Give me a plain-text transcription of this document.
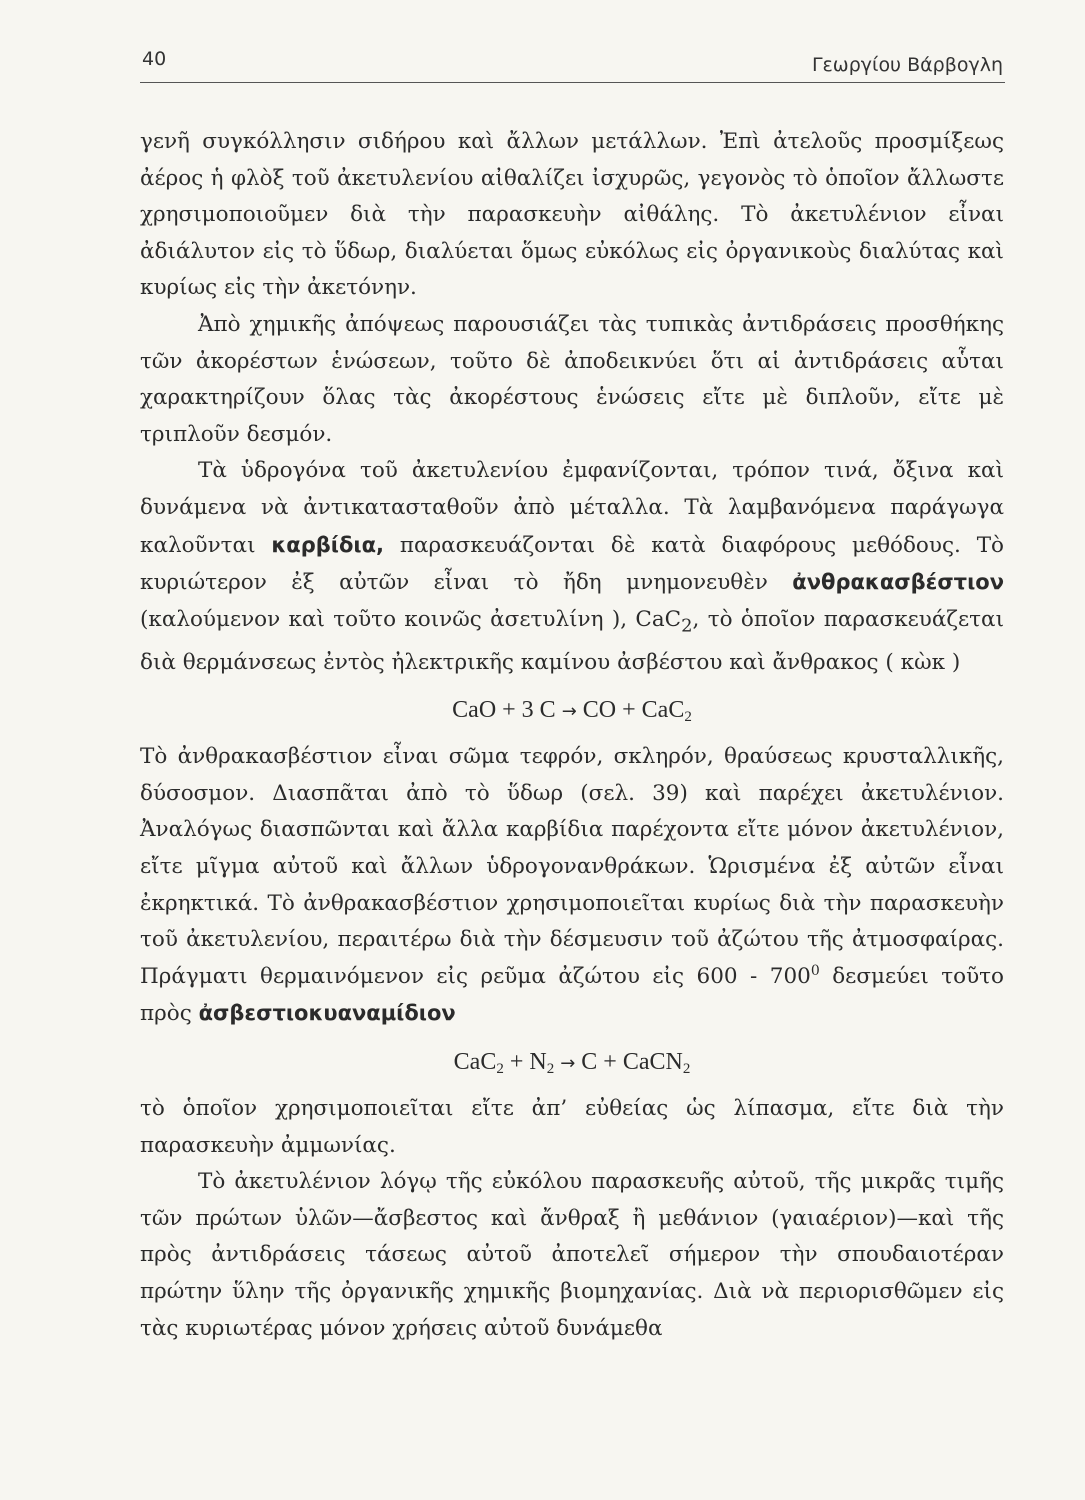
40	Γεωργίου Βάρβογλη

γενῆ συγκόλλησιν σιδήρου καὶ ἄλλων μετάλλων. Ἐπὶ ἀτελοῦς προσμίξεως ἀέρος ἡ φλὸξ τοῦ ἀκετυλενίου αἰθαλίζει ἰσχυρῶς, γεγονὸς τὸ ὁποῖον ἄλλωστε χρησιμοποιοῦμεν διὰ τὴν παρασκευὴν αἰθάλης. Τὸ ἀκετυλένιον εἶναι ἀδιάλυτον εἰς τὸ ὕδωρ, διαλύεται ὅμως εὐκόλως εἰς ὀργανικοὺς διαλύτας καὶ κυρίως εἰς τὴν ἀκετόνην.

Ἀπὸ χημικῆς ἀπόψεως παρουσιάζει τὰς τυπικὰς ἀντιδράσεις προσθήκης τῶν ἀκορέστων ἑνώσεων, τοῦτο δὲ ἀποδεικνύει ὅτι αἱ ἀντιδράσεις αὗται χαρακτηρίζουν ὅλας τὰς ἀκορέστους ἑνώσεις εἴτε μὲ διπλοῦν, εἴτε μὲ τριπλοῦν δεσμόν.

Τὰ ὑδρογόνα τοῦ ἀκετυλενίου ἐμφανίζονται, τρόπον τινά, ὄξινα καὶ δυνάμενα νὰ ἀντικατασταθοῦν ἀπὸ μέταλλα. Τὰ λαμβανόμενα παράγωγα καλοῦνται καρβίδια, παρασκευάζονται δὲ κατὰ διαφόρους μεθόδους. Τὸ κυριώτερον ἐξ αὐτῶν εἶναι τὸ ἤδη μνημονευθὲν ἀνθρακασβέστιον (καλούμενον καὶ τοῦτο κοινῶς ἀσετυλίνη ), CaC$_2$, τὸ ὁποῖον παρασκευάζεται διὰ θερμάνσεως ἐντὸς ἠλεκτρικῆς καμίνου ἀσβέστου καὶ ἄνθρακος ( κὼκ )

CaO + 3 C → CO + CaC$_2$

Τὸ ἀνθρακασβέστιον εἶναι σῶμα τεφρόν, σκληρόν, θραύσεως κρυσταλλικῆς, δύσοσμον. Διασπᾶται ἀπὸ τὸ ὕδωρ (σελ. 39) καὶ παρέχει ἀκετυλένιον. Ἀναλόγως διασπῶνται καὶ ἄλλα καρβίδια παρέχοντα εἴτε μόνον ἀκετυλένιον, εἴτε μῖγμα αὐτοῦ καὶ ἄλλων ὑδρογονανθράκων. Ὡρισμένα ἐξ αὐτῶν εἶναι ἐκρηκτικά. Τὸ ἀνθρακασβέστιον χρησιμοποιεῖται κυρίως διὰ τὴν παρασκευὴν τοῦ ἀκετυλενίου, περαιτέρω διὰ τὴν δέσμευσιν τοῦ ἀζώτου τῆς ἀτμοσφαίρας. Πράγματι θερμαινόμενον εἰς ρεῦμα ἀζώτου εἰς $600 - 700^0$ δεσμεύει τοῦτο πρὸς ἀσβεστιοκυαναμίδιον

$CaC_2 + N_2 \to C$ + CaCN$_2$

τὸ ὁποῖον χρησιμοποιεῖται εἴτε ἀπ’ εὐθείας ὡς λίπασμα, εἴτε διὰ τὴν παρασκευὴν ἀμμωνίας.

Τὸ ἀκετυλένιον λόγῳ τῆς εὐκόλου παρασκευῆς αὐτοῦ, τῆς μικρᾶς τιμῆς τῶν πρώτων ὑλῶν—ἄσβεστος καὶ ἄνθραξ ἢ μεθάνιον (γαιαέριον)—καὶ τῆς πρὸς ἀντιδράσεις τάσεως αὐτοῦ ἀποτελεῖ σήμερον τὴν σπουδαιοτέραν πρώτην ὕλην τῆς ὀργανικῆς χημικῆς βιομηχανίας. Διὰ νὰ περιορισθῶμεν εἰς τὰς κυριωτέρας μόνον χρήσεις αὐτοῦ δυνάμεθα
